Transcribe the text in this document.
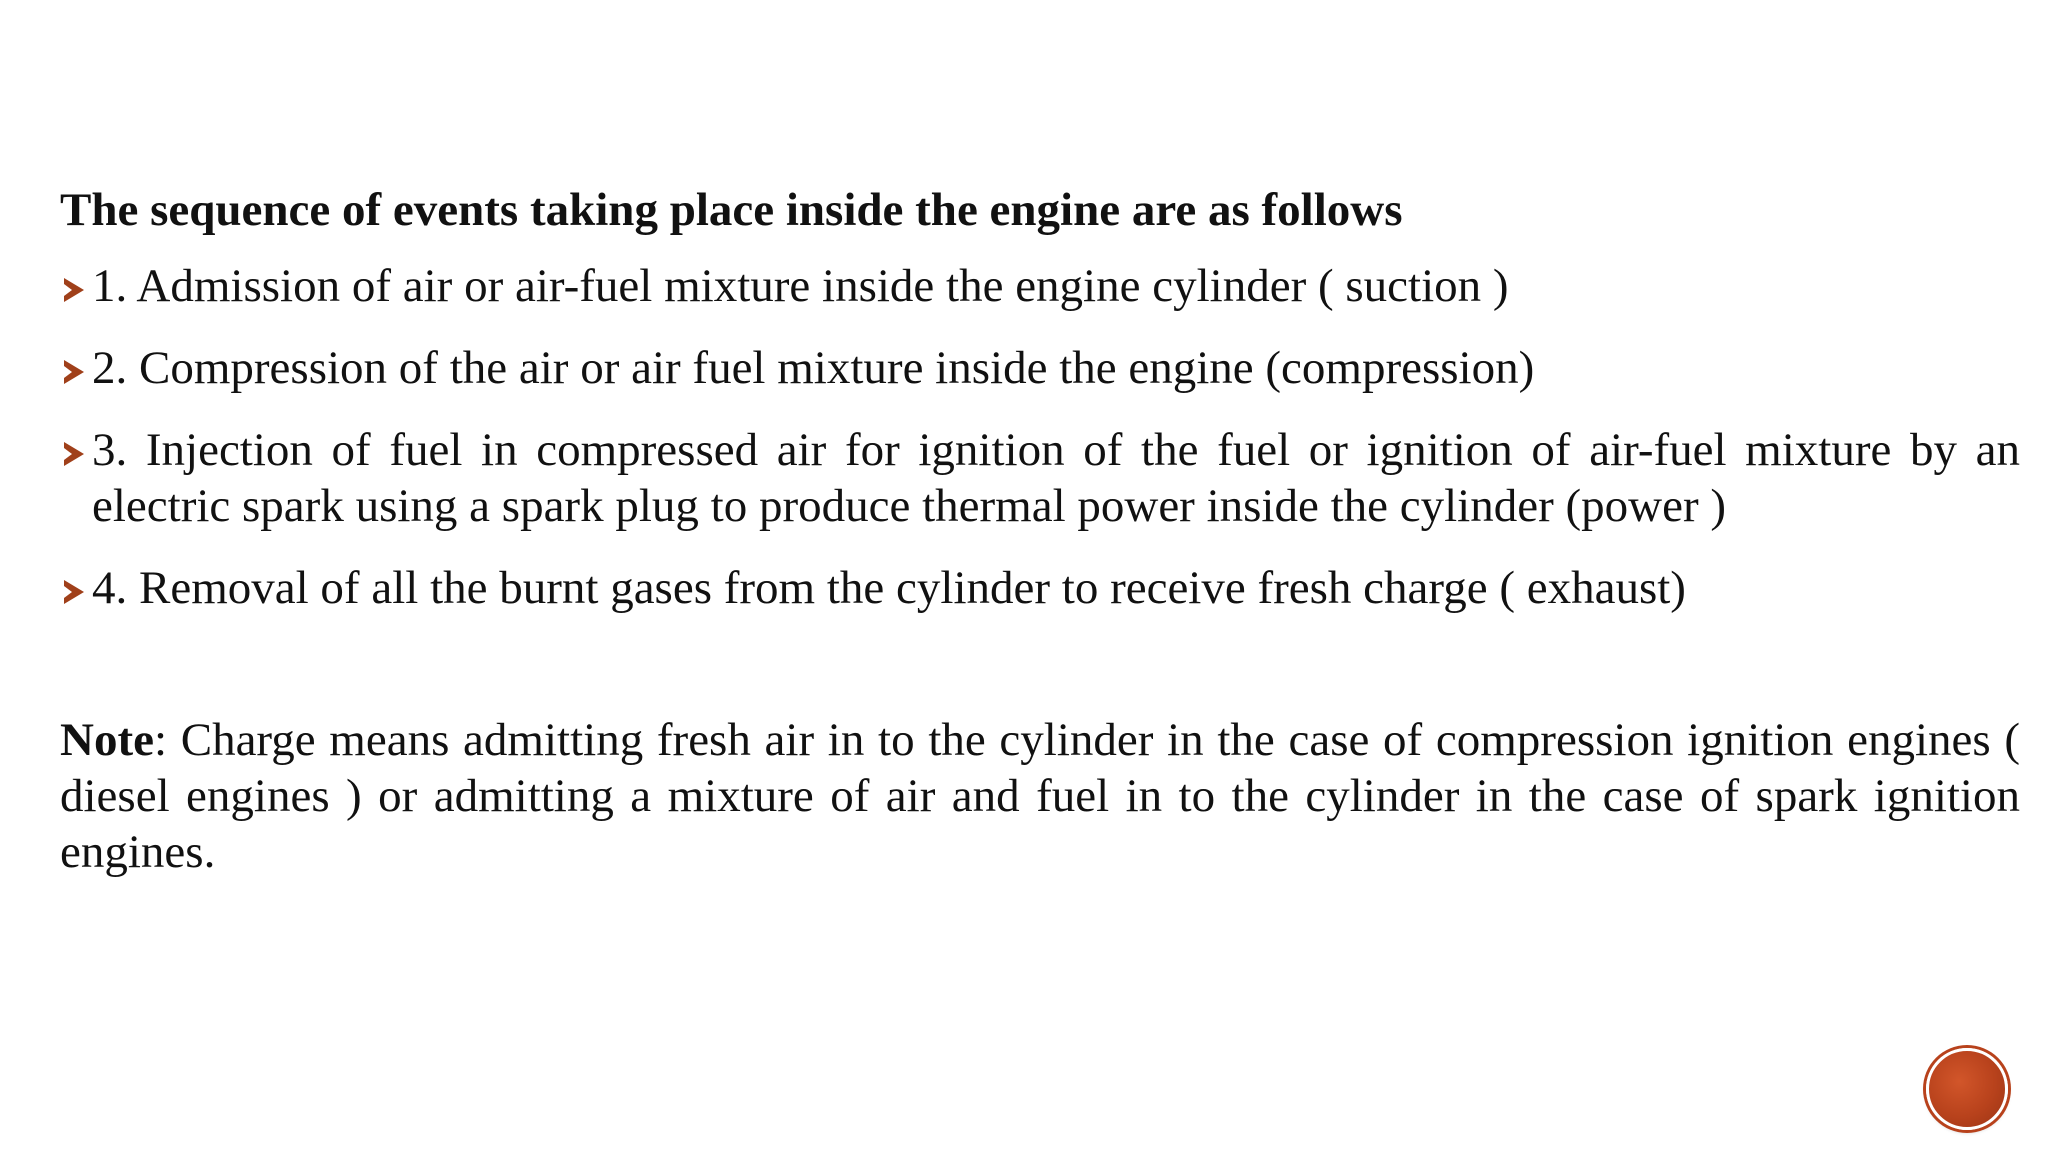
The sequence of events taking place inside the engine are as follows
1. Admission of air or air-fuel mixture inside the engine cylinder ( suction )
2. Compression of the air or air fuel mixture inside the engine (compression)
3. Injection of fuel in compressed air for ignition of the fuel or ignition of air-fuel mixture by an electric spark using a spark plug to produce thermal power inside the cylinder (power )
4. Removal of all the burnt gases from the cylinder to receive fresh charge ( exhaust)
Note: Charge means admitting fresh air in to the cylinder in the case of compression ignition engines ( diesel engines ) or admitting a mixture of air and fuel in to the cylinder in the case of spark ignition engines.
